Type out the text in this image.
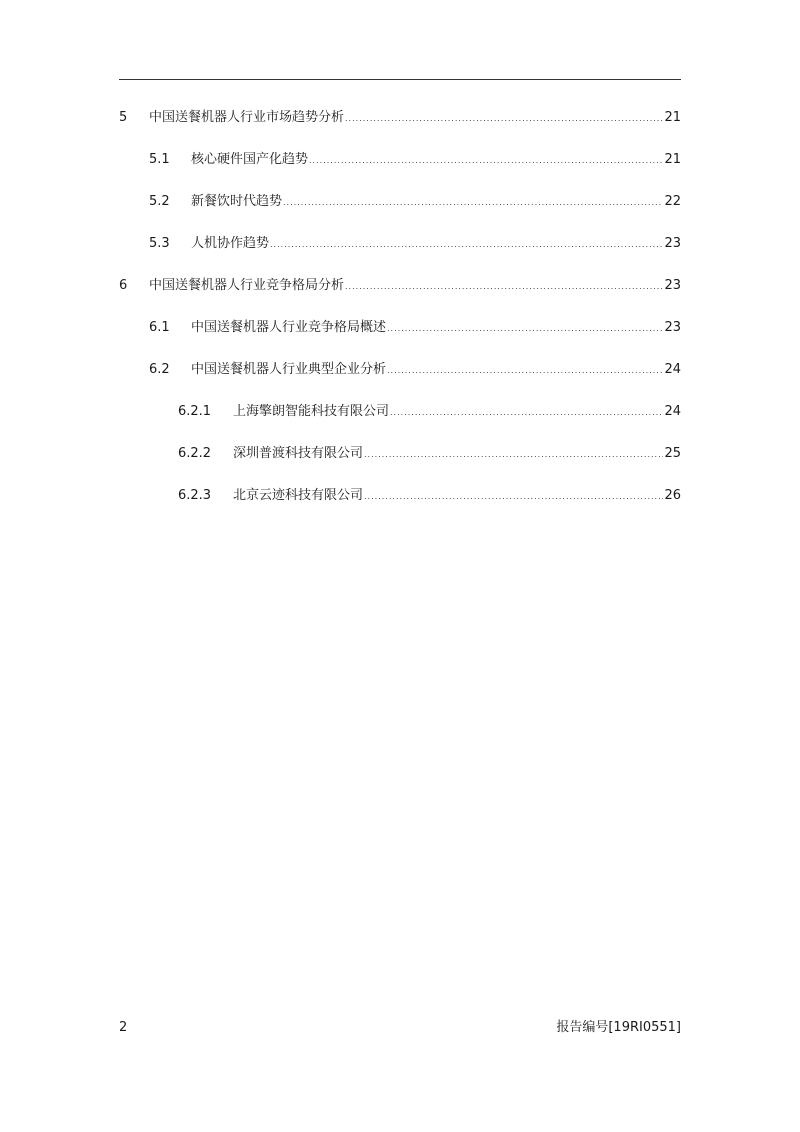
5	中国送餐机器人行业市场趋势分析 .....	21
5.1	核心硬件国产化趋势 .....	21
5.2	新餐饮时代趋势 .....	22
5.3	人机协作趋势 .....	23
6	中国送餐机器人行业竞争格局分析 .....	23
6.1	中国送餐机器人行业竞争格局概述 .....	23
6.2	中国送餐机器人行业典型企业分析 .....	24
6.2.1	上海擎朗智能科技有限公司 .....	24
6.2.2	深圳普渡科技有限公司 .....	25
6.2.3	北京云迹科技有限公司 .....	26
2	报告编号[19RI0551]
